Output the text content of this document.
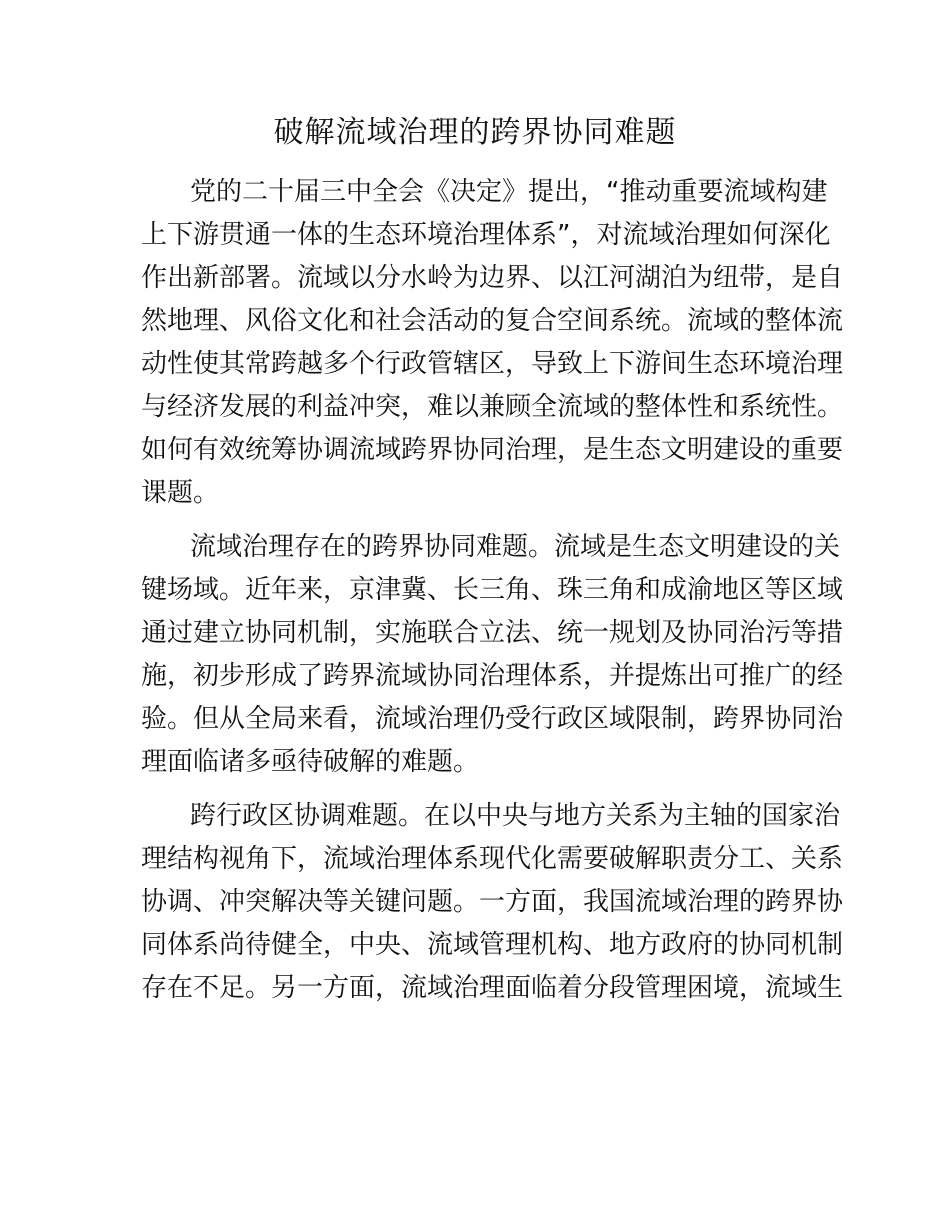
破解流域治理的跨界协同难题
党的二十届三中全会《决定》提出，“推动重要流域构建
上下游贯通一体的生态环境治理体系”，对流域治理如何深化
作出新部署。流域以分水岭为边界、以江河湖泊为纽带，是自
然地理、风俗文化和社会活动的复合空间系统。流域的整体流
动性使其常跨越多个行政管辖区，导致上下游间生态环境治理
与经济发展的利益冲突，难以兼顾全流域的整体性和系统性。
如何有效统筹协调流域跨界协同治理，是生态文明建设的重要
课题。
流域治理存在的跨界协同难题。流域是生态文明建设的关
键场域。近年来，京津冀、长三角、珠三角和成渝地区等区域
通过建立协同机制，实施联合立法、统一规划及协同治污等措
施，初步形成了跨界流域协同治理体系，并提炼出可推广的经
验。但从全局来看，流域治理仍受行政区域限制，跨界协同治
理面临诸多亟待破解的难题。
跨行政区协调难题。在以中央与地方关系为主轴的国家治
理结构视角下，流域治理体系现代化需要破解职责分工、关系
协调、冲突解决等关键问题。一方面，我国流域治理的跨界协
同体系尚待健全，中央、流域管理机构、地方政府的协同机制
存在不足。另一方面，流域治理面临着分段管理困境，流域生
